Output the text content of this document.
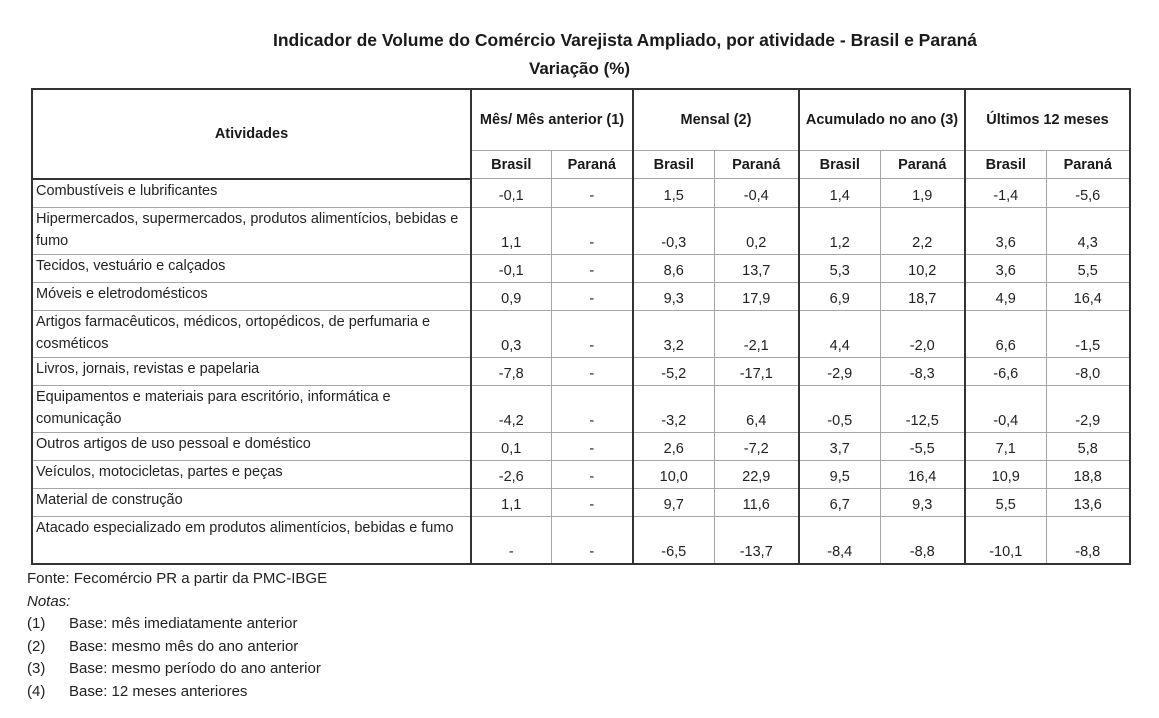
Indicador de Volume do Comércio Varejista Ampliado, por atividade - Brasil e Paraná
Variação (%)
Atividades	Mês/ Mês anterior (1)		Mensal (2)		Acumulado no ano (3)		Últimos 12 meses	
	Brasil	Paraná	Brasil	Paraná	Brasil	Paraná	Brasil	Paraná
Combustíveis e lubrificantes	-0,1	-	1,5	-0,4	1,4	1,9	-1,4	-5,6
Hipermercados, supermercados, produtos alimentícios, bebidas e fumo	1,1	-	-0,3	0,2	1,2	2,2	3,6	4,3
Tecidos, vestuário e calçados	-0,1	-	8,6	13,7	5,3	10,2	3,6	5,5
Móveis e eletrodomésticos	0,9	-	9,3	17,9	6,9	18,7	4,9	16,4
Artigos farmacêuticos, médicos, ortopédicos, de perfumaria e cosméticos	0,3	-	3,2	-2,1	4,4	-2,0	6,6	-1,5
Livros, jornais, revistas e papelaria	-7,8	-	-5,2	-17,1	-2,9	-8,3	-6,6	-8,0
Equipamentos e materiais para escritório, informática e comunicação	-4,2	-	-3,2	6,4	-0,5	-12,5	-0,4	-2,9
Outros artigos de uso pessoal e doméstico	0,1	-	2,6	-7,2	3,7	-5,5	7,1	5,8
Veículos, motocicletas, partes e peças	-2,6	-	10,0	22,9	9,5	16,4	10,9	18,8
Material de construção	1,1	-	9,7	11,6	6,7	9,3	5,5	13,6
Atacado especializado em produtos alimentícios, bebidas e fumo	-	-	-6,5	-13,7	-8,4	-8,8	-10,1	-8,8
Fonte: Fecomércio PR a partir da PMC-IBGE
Notas:
(1)	Base: mês imediatamente anterior
(2)	Base: mesmo mês do ano anterior
(3)	Base: mesmo período do ano anterior
(4)	Base: 12 meses anteriores
